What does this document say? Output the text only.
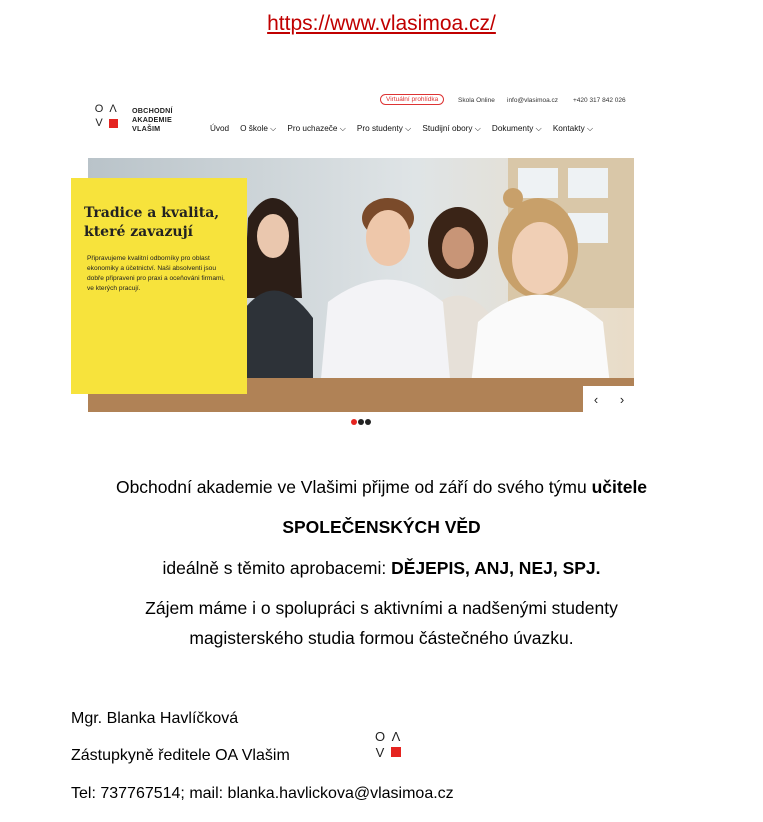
https://www.vlasimoa.cz/
O Λ
V
OBCHODNÍ
AKADEMIE
VLAŠIM
Virtuální prohlídka	Skola Online info@vlasimoa.cz +420 317 842 026
Úvod O škole ⌵ Pro uchazeče ⌵ Pro studenty ⌵ Studijní obory ⌵ Dokumenty ⌵ Kontakty ⌵
Tradice a kvalita,
které zavazují

Připravujeme kvalitní odborníky pro oblast ekonomiky a účetnictví. Naši absolventi jsou dobře připraveni pro praxi a oceňováni firmami, ve kterých pracují.

‹ ›
Obchodní akademie ve Vlašimi přijme od září do svého týmu učitele
SPOLEČENSKÝCH VĚD
ideálně s těmito aprobacemi: DĚJEPIS, ANJ, NEJ, SPJ.
Zájem máme i o spolupráci s aktivními a nadšenými studenty
magisterského studia formou částečného úvazku.
Mgr. Blanka Havlíčková
Zástupkyně ředitele OA Vlašim
Tel: 737767514; mail: blanka.havlickova@vlasimoa.cz
O Λ
V
